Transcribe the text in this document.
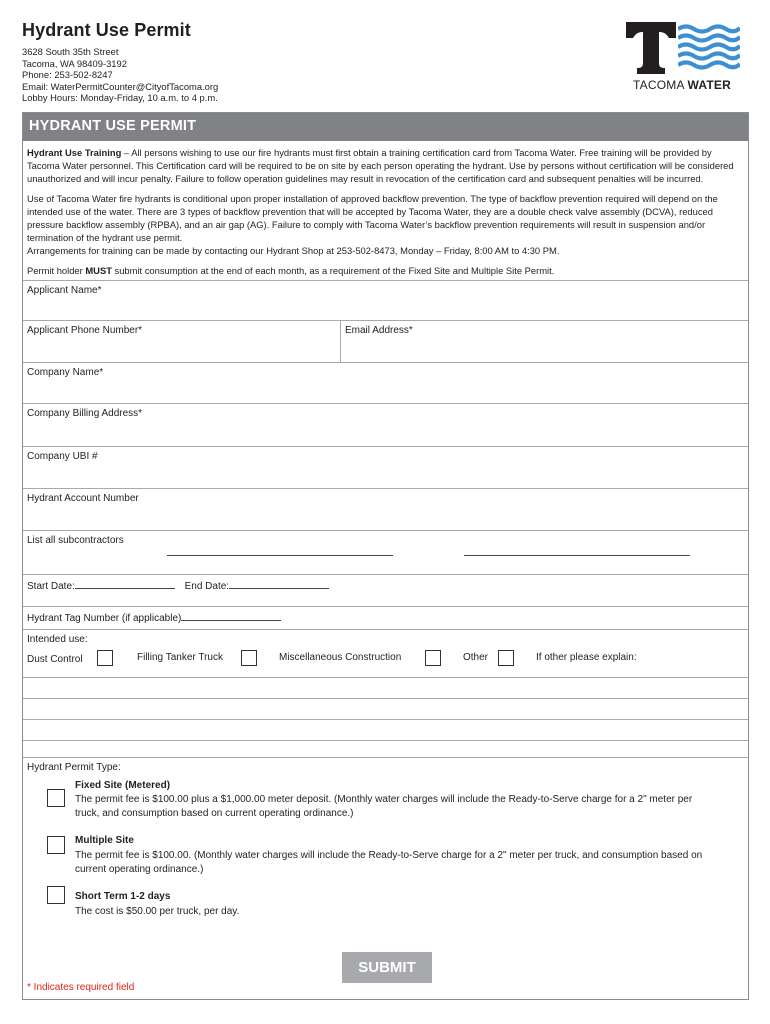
Hydrant Use Permit
3628 South 35th Street
Tacoma, WA 98409-3192
Phone: 253-502-8247
Email: WaterPermitCounter@CityofTacoma.org
Lobby Hours: Monday-Friday, 10 a.m. to 4 p.m.
TACOMA WATER
HYDRANT USE PERMIT

Hydrant Use Training – All persons wishing to use our fire hydrants must first obtain a training certification card from Tacoma Water. Free training will be provided by Tacoma Water personnel. This Certification card will be required to be on site by each person operating the hydrant. Use by persons without certification will be considered unauthorized and will incur penalty. Failure to follow operation guidelines may result in revocation of the certification card and subsequent penalties will be incurred.

Use of Tacoma Water fire hydrants is conditional upon proper installation of approved backflow prevention. The type of backflow prevention required will depend on the intended use of the water. There are 3 types of backflow prevention that will be accepted by Tacoma Water, they are a double check valve assembly (DCVA), reduced pressure backflow assembly (RPBA), and an air gap (AG). Failure to comply with Tacoma Water’s backflow prevention requirements will result in suspension and/or termination of the hydrant use permit.
Arrangements for training can be made by contacting our Hydrant Shop at 253-502-8473, Monday – Friday, 8:00 AM to 4:30 PM.

Permit holder MUST submit consumption at the end of each month, as a requirement of the Fixed Site and Multiple Site Permit.

Applicant Name*
Applicant Phone Number*	Email Address*
Company Name*
Company Billing Address*
Company UBI #
Hydrant Account Number
List all subcontractors
Start Date:	End Date:
Hydrant Tag Number (if applicable)
Intended use:
Dust Control	Filling Tanker Truck	Miscellaneous Construction	Other	If other please explain:
Hydrant Permit Type:
Fixed Site (Metered)
The permit fee is $100.00 plus a $1,000.00 meter deposit. (Monthly water charges will include the Ready-to-Serve charge for a 2" meter per truck, and consumption based on current operating ordinance.)
Multiple Site
The permit fee is $100.00. (Monthly water charges will include the Ready-to-Serve charge for a 2" meter per truck, and consumption based on current operating ordinance.)
Short Term 1-2 days
The cost is $50.00 per truck, per day.
SUBMIT
* Indicates required field
